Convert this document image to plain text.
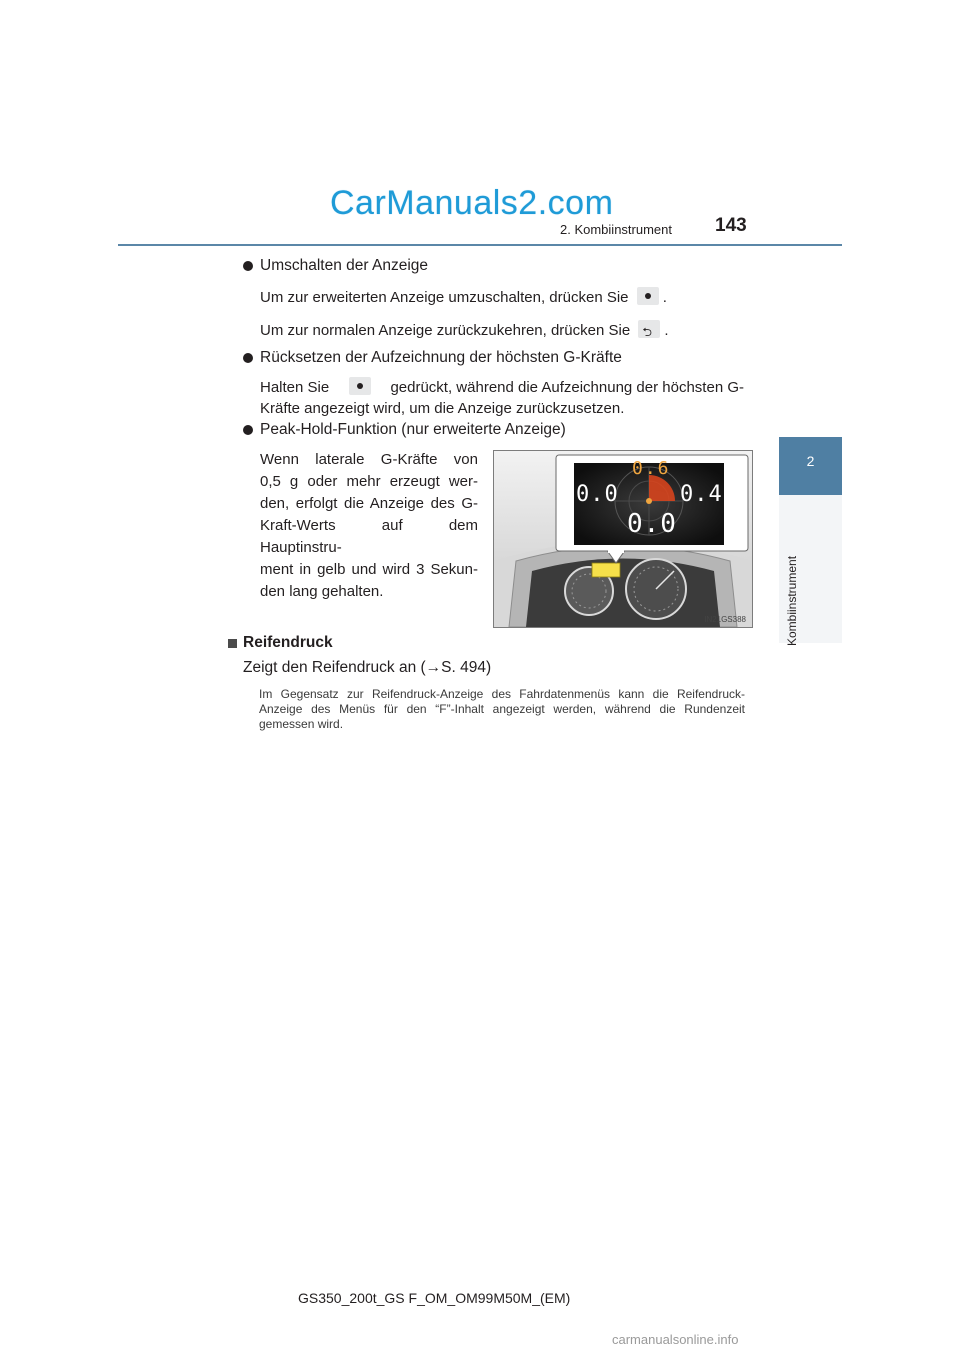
CarManuals2.com
2. Kombiinstrument 143
2
Kombiinstrument
Umschalten der Anzeige
Um zur erweiterten Anzeige umzuschalten, drücken Sie .
Um zur normalen Anzeige zurückzukehren, drücken Sie ⮌ .
Rücksetzen der Aufzeichnung der höchsten G-Kräfte
Halten Sie	gedrückt, während die Aufzeichnung der höchsten G-
Kräfte angezeigt wird, um die Anzeige zurückzusetzen.
Peak-Hold-Funktion (nur erweiterte Anzeige)
Wenn laterale G-Kräfte von
0,5 g oder mehr erzeugt wer-
den, erfolgt die Anzeige des G-
Kraft-Werts auf dem Hauptinstru-
ment in gelb und wird 3 Sekun-
den lang gehalten.
0.6
0.0	0.4
0.0
IN21GS388
Reifendruck
Zeigt den Reifendruck an (→S. 494)
Im Gegensatz zur Reifendruck-Anzeige des Fahrdatenmenüs kann die Reifendruck-
Anzeige des Menüs für den “F”-Inhalt angezeigt werden, während die Rundenzeit
gemessen wird.
GS350_200t_GS F_OM_OM99M50M_(EM)
carmanualsonline.info
